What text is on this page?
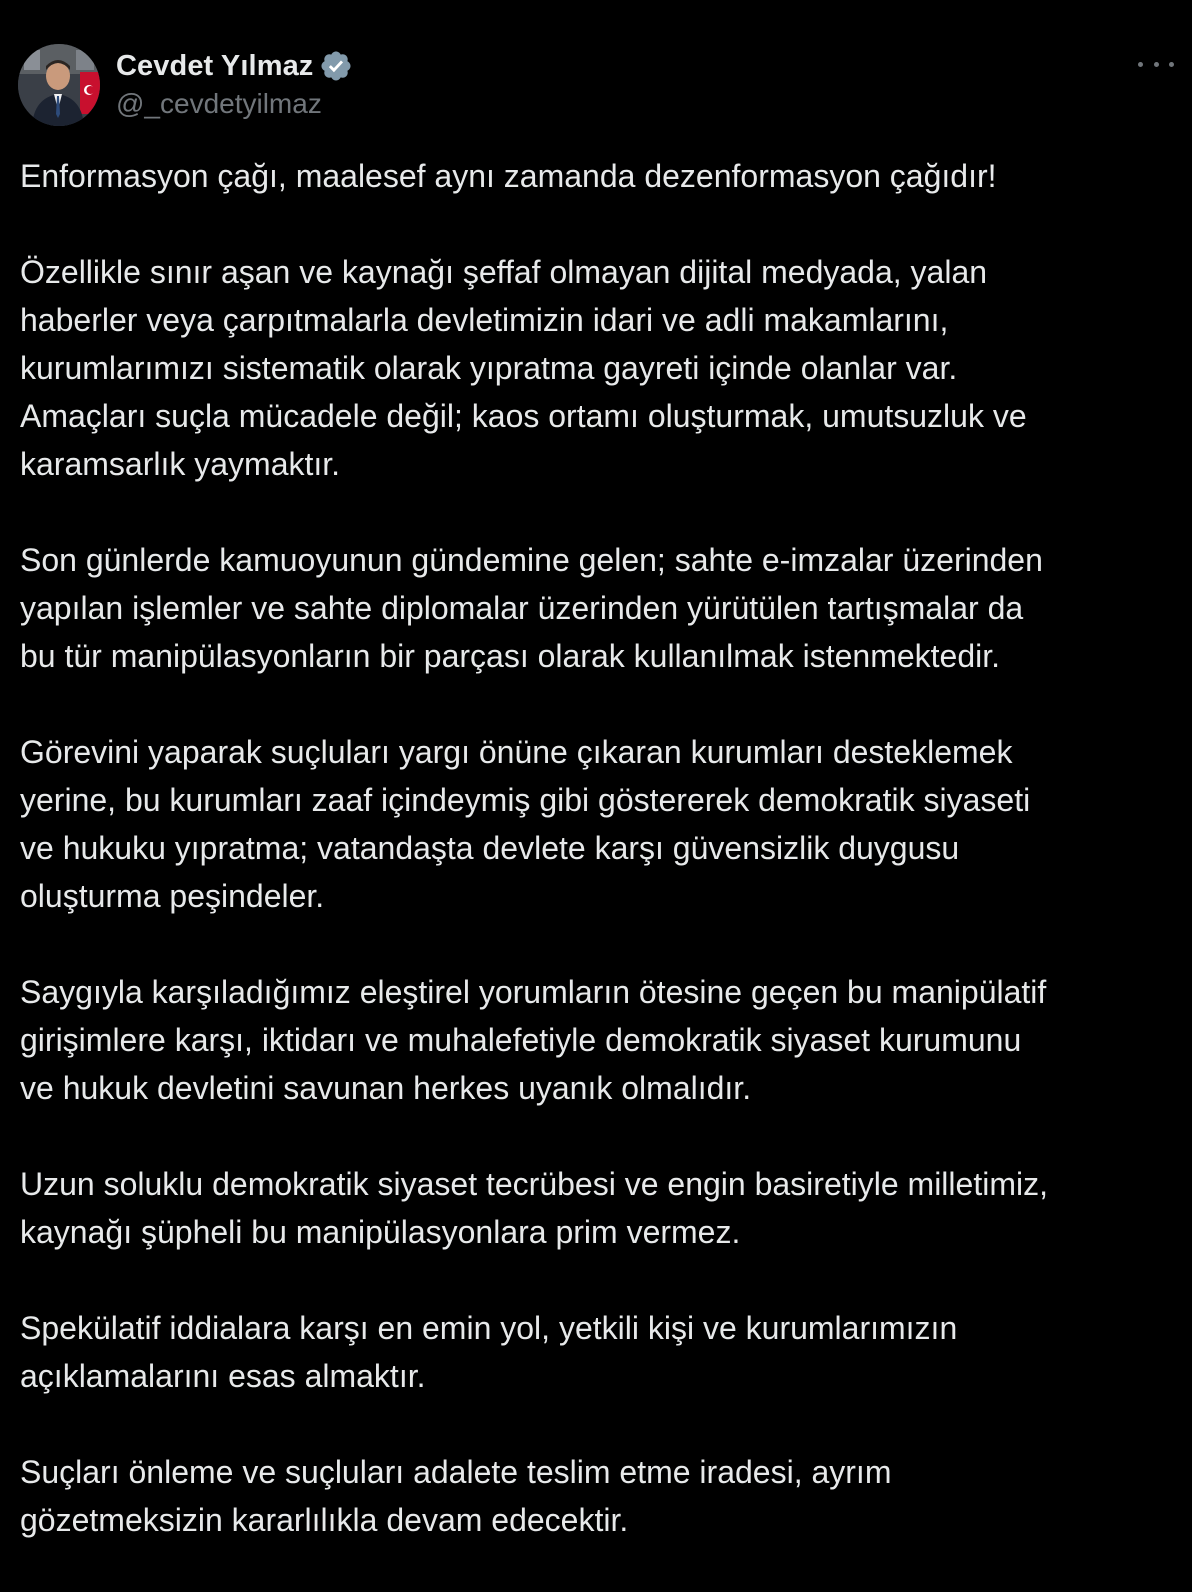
Cevdet Yılmaz
@_cevdetyilmaz
Enformasyon çağı, maalesef aynı zamanda dezenformasyon çağıdır!
Özellikle sınır aşan ve kaynağı şeffaf olmayan dijital medyada, yalan
haberler veya çarpıtmalarla devletimizin idari ve adli makamlarını,
kurumlarımızı sistematik olarak yıpratma gayreti içinde olanlar var.
Amaçları suçla mücadele değil; kaos ortamı oluşturmak, umutsuzluk ve
karamsarlık yaymaktır.
Son günlerde kamuoyunun gündemine gelen; sahte e-imzalar üzerinden
yapılan işlemler ve sahte diplomalar üzerinden yürütülen tartışmalar da
bu tür manipülasyonların bir parçası olarak kullanılmak istenmektedir.
Görevini yaparak suçluları yargı önüne çıkaran kurumları desteklemek
yerine, bu kurumları zaaf içindeymiş gibi göstererek demokratik siyaseti
ve hukuku yıpratma; vatandaşta devlete karşı güvensizlik duygusu
oluşturma peşindeler.
Saygıyla karşıladığımız eleştirel yorumların ötesine geçen bu manipülatif
girişimlere karşı, iktidarı ve muhalefetiyle demokratik siyaset kurumunu
ve hukuk devletini savunan herkes uyanık olmalıdır.
Uzun soluklu demokratik siyaset tecrübesi ve engin basiretiyle milletimiz,
kaynağı şüpheli bu manipülasyonlara prim vermez.
Spekülatif iddialara karşı en emin yol, yetkili kişi ve kurumlarımızın
açıklamalarını esas almaktır.
Suçları önleme ve suçluları adalete teslim etme iradesi, ayrım
gözetmeksizin kararlılıkla devam edecektir.
